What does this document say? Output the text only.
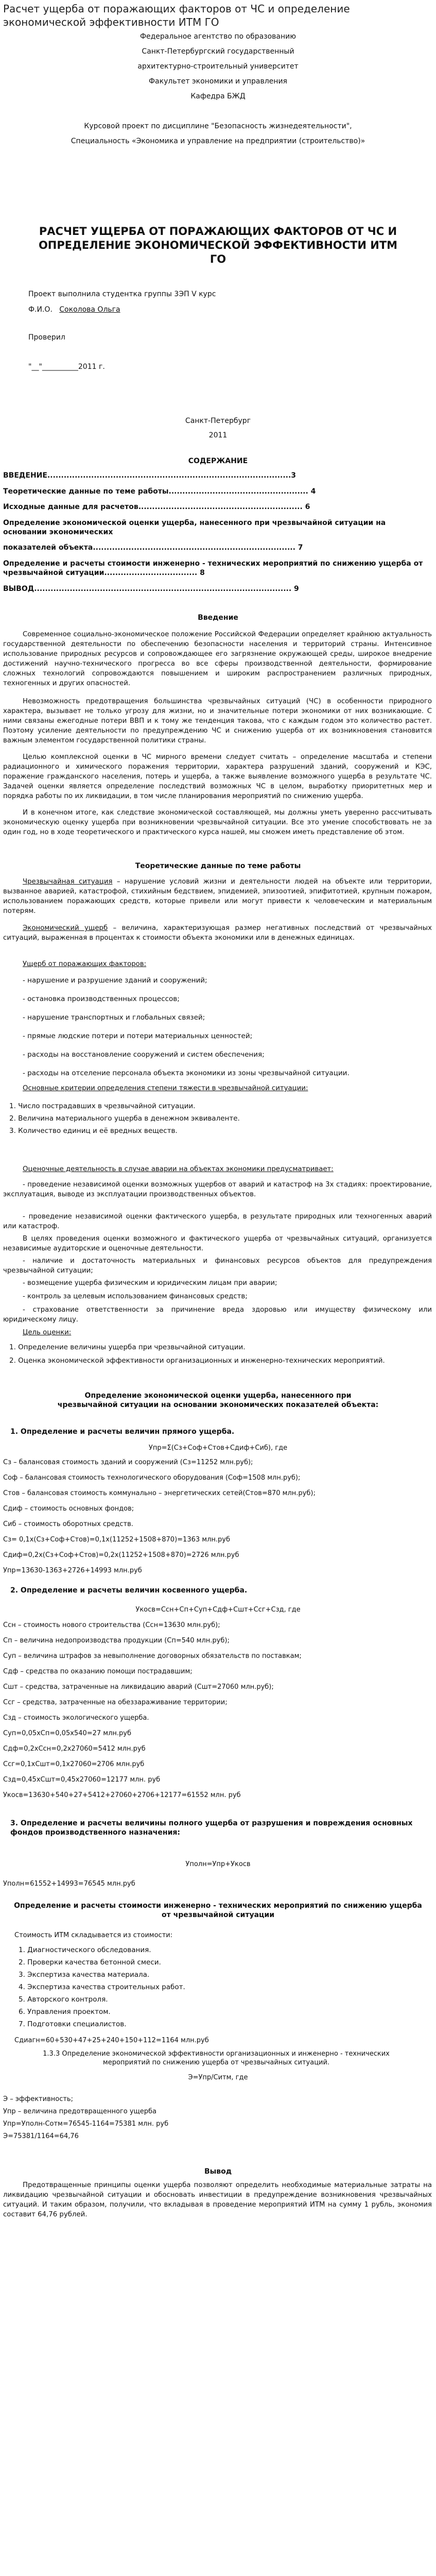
Расчет ущерба от поражающих факторов от ЧС и определение экономической эффективности ИТМ ГО
Федеральное агентство по образованию
Санкт-Петербургский государственный
архитектурно-строительный университет
Факультет экономики и управления
Кафедра БЖД
Курсовой проект по дисциплине "Безопасность жизнедеятельности",
Специальность «Экономика и управление на предприятии (строительство)»
РАСЧЕТ УЩЕРБА ОТ ПОРАЖАЮЩИХ ФАКТОРОВ ОТ ЧС И ОПРЕДЕЛЕНИЕ ЭКОНОМИЧЕСКОЙ ЭФФЕКТИВНОСТИ ИТМ ГО
Проект выполнила студентка группы 3ЭП V курс
Ф.И.О. Соколова Ольга
Проверил
"__"__________2011 г.
Санкт-Петербург
2011
СОДЕРЖАНИЕ
ВВЕДЕНИЕ.........................................................................................3
Теоретические данные по теме работы................................................... 4
Исходные данные для расчетов............................................................ 6
Определение экономической оценки ущерба, нанесенного при чрезвычайной ситуации на основании экономических
показателей объекта.......................................................................... 7
Определение и расчеты стоимости инженерно - технических мероприятий по снижению ущерба от чрезвычайной ситуации.................................. 8
ВЫВОД.............................................................................................. 9
Введение
Современное социально-экономическое положение Российской Федерации определяет крайнюю актуальность государственной деятельности по обеспечению безопасности населения и территорий страны. Интенсивное использование природных ресурсов и сопровождающее его загрязнение окружающей среды, широкое внедрение достижений научно-технического прогресса во все сферы производственной деятельности, формирование сложных технологий сопровождаются повышением и широким распространением различных природных, техногенных и других опасностей.
Невозможность предотвращения большинства чрезвычайных ситуаций (ЧС) в особенности природного характера, вызывает не только угрозу для жизни, но и значительные потери экономики от них возникающие. С ними связаны ежегодные потери ВВП и к тому же тенденция такова, что с каждым годом это количество растет. Поэтому усиление деятельности по предупреждению ЧС и снижению ущерба от их возникновения становится важным элементом государственной политики страны.
Целью комплексной оценки в ЧС мирного времени следует считать – определение масштаба и степени радиационного и химического поражения территории, характера разрушений зданий, сооружений и КЭС, поражение гражданского населения, потерь и ущерба, а также выявление возможного ущерба в результате ЧС. Задачей оценки является определение последствий возможных ЧС в целом, выработку приоритетных мер и порядка работы по их ликвидации, в том числе планирования мероприятий по снижению ущерба.
И в конечном итоге, как следствие экономической составляющей, мы должны уметь уверенно рассчитывать экономическую оценку ущерба при возникновении чрезвычайной ситуации. Все это умение способствовать не за один год, но в ходе теоретического и практического курса нашей, мы сможем иметь представление об этом.
Теоретические данные по теме работы
Чрезвычайная ситуация – нарушение условий жизни и деятельности людей на объекте или территории, вызванное аварией, катастрофой, стихийным бедствием, эпидемией, эпизоотией, эпифитотией, крупным пожаром, использованием поражающих средств, которые привели или могут привести к человеческим и материальным потерям.
Экономический ущерб – величина, характеризующая размер негативных последствий от чрезвычайных ситуаций, выраженная в процентах к стоимости объекта экономики или в денежных единицах.
Ущерб от поражающих факторов:
- нарушение и разрушение зданий и сооружений;
- остановка производственных процессов;
- нарушение транспортных и глобальных связей;
- прямые людские потери и потери материальных ценностей;
- расходы на восстановление сооружений и систем обеспечения;
- расходы на отселение персонала объекта экономики из зоны чрезвычайной ситуации.
Основные критерии определения степени тяжести в чрезвычайной ситуации:
1. Число пострадавших в чрезвычайной ситуации.
2. Величина материального ущерба в денежном эквиваленте.
3. Количество единиц и её вредных веществ.
Оценочные деятельность в случае аварии на объектах экономики предусматривает:
- проведение независимой оценки возможных ущербов от аварий и катастроф на 3х стадиях: проектирование, эксплуатация, выводе из эксплуатации производственных объектов.
- проведение независимой оценки фактического ущерба, в результате природных или техногенных аварий или катастроф.
В целях проведения оценки возможного и фактического ущерба от чрезвычайных ситуаций, организуется независимые аудиторские и оценочные деятельности.
- наличие и достаточность материальных и финансовых ресурсов объектов для предупреждения чрезвычайной ситуации;
- возмещение ущерба физическим и юридическим лицам при аварии;
- контроль за целевым использованием финансовых средств;
- страхование ответственности за причинение вреда здоровью или имуществу физическому или юридическому лицу.
Цель оценки:
1. Определение величины ущерба при чрезвычайной ситуации.
2. Оценка экономической эффективности организационных и инженерно-технических мероприятий.
Определение экономической оценки ущерба, нанесенного при чрезвычайной ситуации на основании экономических показателей объекта:
1. Определение и расчеты величин прямого ущерба.
Упр=Σ(Сз+Соф+Стов+Сдиф+Сиб), где
Сз – балансовая стоимость зданий и сооружений (Сз=11252 млн.руб);
Соф – балансовая стоимость технологического оборудования (Соф=1508 млн.руб);
Стов – балансовая стоимость коммунально – энергетических сетей(Стов=870 млн.руб);
Сдиф – стоимость основных фондов;
Сиб – стоимость оборотных средств.
Сз= 0,1х(Сз+Соф+Стов)=0,1х(11252+1508+870)=1363 млн.руб
Сдиф=0,2х(Сз+Соф+Стов)=0,2х(11252+1508+870)=2726 млн.руб
Упр=13630-1363+2726+14993 млн.руб
2. Определение и расчеты величин косвенного ущерба.
Укосв=Ссн+Сп+Суп+Сдф+Сшт+Ссг+Сзд, где
Ссн – стоимость нового строительства (Ссн=13630 млн.руб);
Сп – величина недопроизводства продукции (Сп=540 млн.руб);
Суп – величина штрафов за невыполнение договорных обязательств по поставкам;
Сдф – средства по оказанию помощи пострадавшим;
Сшт – средства, затраченные на ликвидацию аварий (Сшт=27060 млн.руб);
Ссг – средства, затраченные на обеззараживание территории;
Сзд – стоимость экологического ущерба.
Суп=0,05хСп=0,05х540=27 млн.руб
Сдф=0,2хСсн=0,2х27060=5412 млн.руб
Ссг=0,1хСшт=0,1х27060=2706 млн.руб
Сзд=0,45хСшт=0,45х27060=12177 млн. руб
Укосв=13630+540+27+5412+27060+2706+12177=61552 млн. руб
3. Определение и расчеты величины полного ущерба от разрушения и повреждения основных фондов производственного назначения:
Уполн=Упр+Укосв
Уполн=61552+14993=76545 млн.руб
Определение и расчеты стоимости инженерно - технических мероприятий по снижению ущерба от чрезвычайной ситуации
Стоимость ИТМ складывается из стоимости:
1. Диагностического обследования.
2. Проверки качества бетонной смеси.
3. Экспертиза качества материала.
4. Экспертиза качества строительных работ.
5. Авторского контроля.
6. Управления проектом.
7. Подготовки специалистов.
Сдиагн=60+530+47+25+240+150+112=1164 млн.руб
1.3.3 Определение экономической эффективности организационных и инженерно - технических мероприятий по снижению ущерба от чрезвычайных ситуаций.
Э=Упр/Ситм, где
Э – эффективность;
Упр – величина предотвращенного ущерба
Упр=Уполн-Сотм=76545-1164=75381 млн. руб
Э=75381/1164=64,76
Вывод
Предотвращенные принципы оценки ущерба позволяют определить необходимые материальные затраты на ликвидацию чрезвычайной ситуации и обосновать инвестиции в предупреждение возникновения чрезвычайных ситуаций. И таким образом, получили, что вкладывая в проведение мероприятий ИТМ на сумму 1 рубль, экономия составит 64,76 рублей.
